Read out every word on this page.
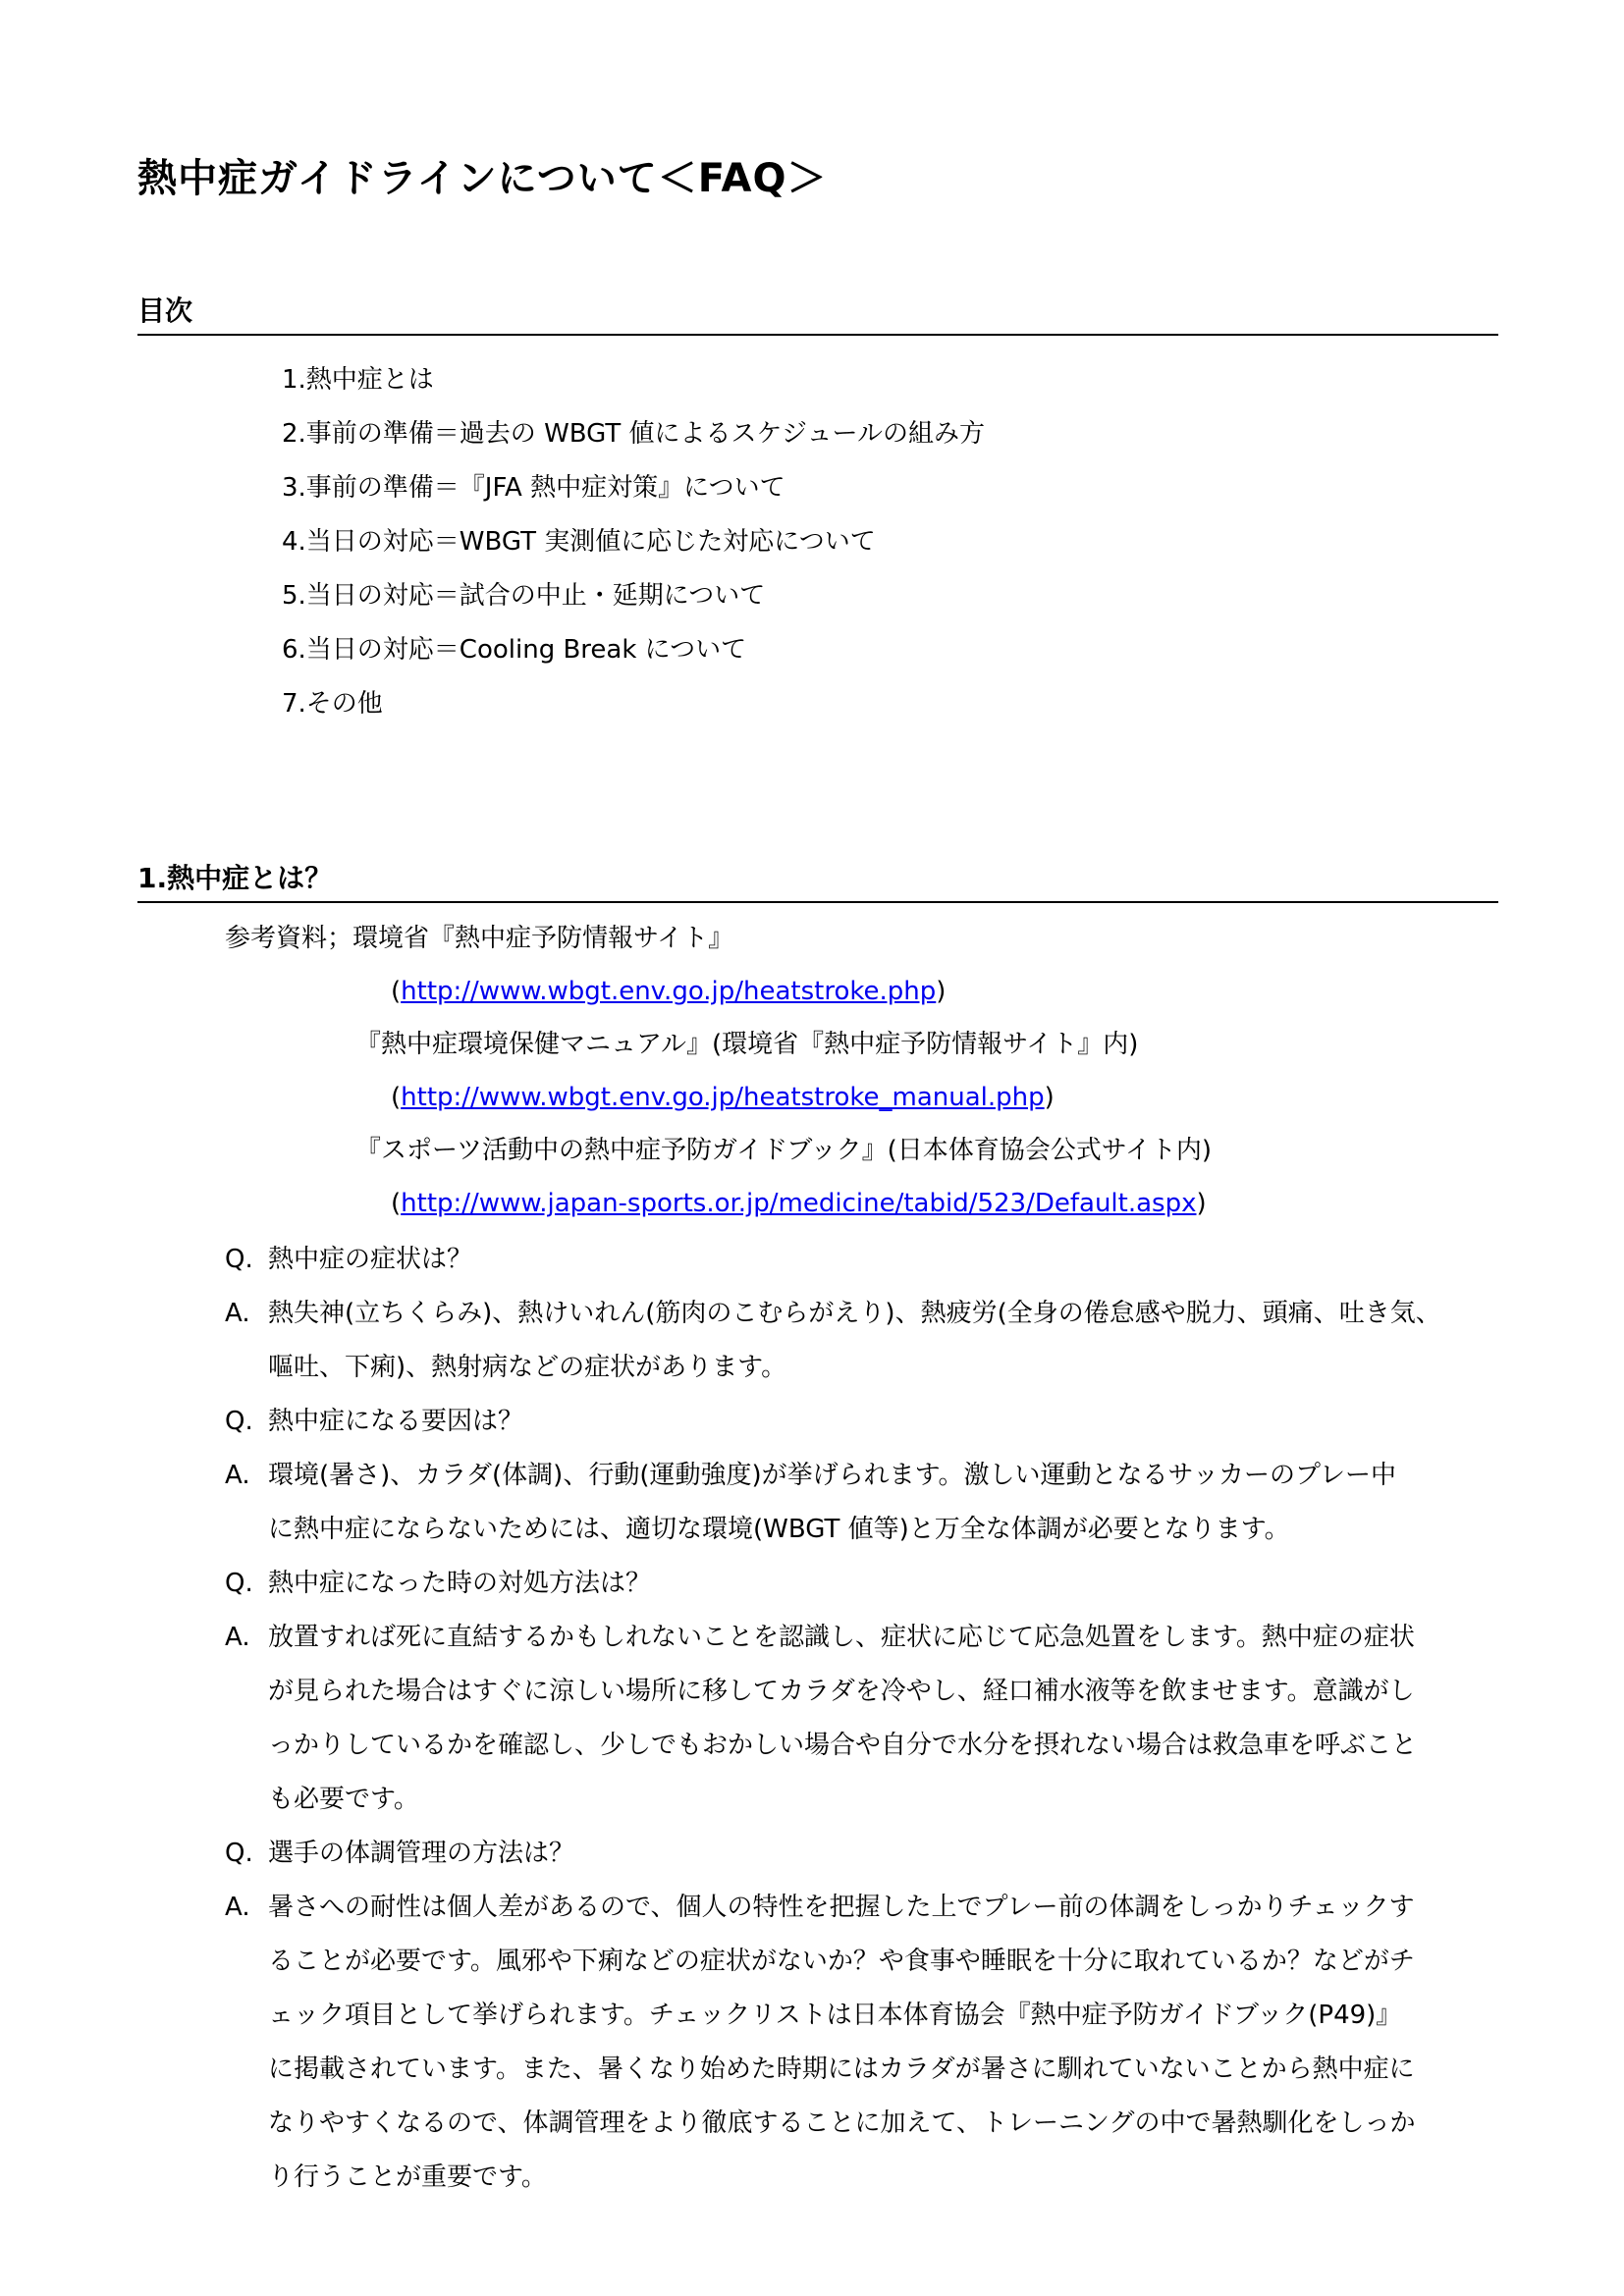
熱中症ガイドラインについて＜FAQ＞
目次
1.熱中症とは
2.事前の準備＝過去の WBGT 値によるスケジュールの組み方
3.事前の準備＝『JFA 熱中症対策』について
4.当日の対応＝WBGT 実測値に応じた対応について
5.当日の対応＝試合の中止・延期について
6.当日の対応＝Cooling Break について
7.その他
1.熱中症とは？
参考資料；環境省『熱中症予防情報サイト』
(http://www.wbgt.env.go.jp/heatstroke.php)
『熱中症環境保健マニュアル』(環境省『熱中症予防情報サイト』内)
(http://www.wbgt.env.go.jp/heatstroke_manual.php)
『スポーツ活動中の熱中症予防ガイドブック』(日本体育協会公式サイト内)
(http://www.japan-sports.or.jp/medicine/tabid/523/Default.aspx)
Q. 熱中症の症状は？
A. 熱失神(立ちくらみ)、熱けいれん(筋肉のこむらがえり)、熱疲労(全身の倦怠感や脱力、頭痛、吐き気、
嘔吐、下痢)、熱射病などの症状があります。
Q. 熱中症になる要因は？
A. 環境(暑さ)、カラダ(体調)、行動(運動強度)が挙げられます。激しい運動となるサッカーのプレー中
に熱中症にならないためには、適切な環境(WBGT 値等)と万全な体調が必要となります。
Q. 熱中症になった時の対処方法は？
A. 放置すれば死に直結するかもしれないことを認識し、症状に応じて応急処置をします。熱中症の症状
が見られた場合はすぐに涼しい場所に移してカラダを冷やし、経口補水液等を飲ませます。意識がし
っかりしているかを確認し、少しでもおかしい場合や自分で水分を摂れない場合は救急車を呼ぶこと
も必要です。
Q. 選手の体調管理の方法は？
A. 暑さへの耐性は個人差があるので、個人の特性を把握した上でプレー前の体調をしっかりチェックす
ることが必要です。風邪や下痢などの症状がないか？や食事や睡眠を十分に取れているか？などがチ
ェック項目として挙げられます。チェックリストは日本体育協会『熱中症予防ガイドブック(P49)』
に掲載されています。また、暑くなり始めた時期にはカラダが暑さに馴れていないことから熱中症に
なりやすくなるので、体調管理をより徹底することに加えて、トレーニングの中で暑熱馴化をしっか
り行うことが重要です。
